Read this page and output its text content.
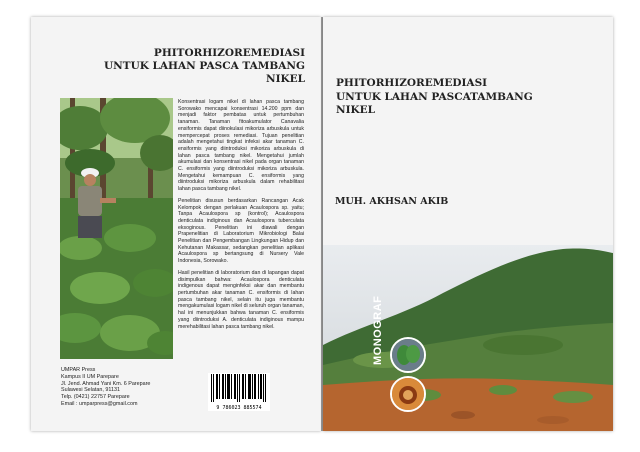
PHITORHIZOREMEDIASI
UNTUK LAHAN PASCA TAMBANG
NIKEL

Konsentrasi logam nikel di lahan pasca tambang Sorowako mencapai konsentrasi 14.200 ppm dan menjadi faktor pembatas untuk pertumbuhan tanaman. Tanaman fitoakumulator Canavalia ensiformis dapat diinokulasi mikoriza arbuskula untuk mempercepat proses remediasi. Tujuan penelitian adalah mengetahui tingkat infeksi akar tanaman C. ensiformis yang diintroduksi mikoriza arbuskula di lahan pasca tambang nikel. Mengetahui jumlah akumulasi dan konsentrasi nikel pada organ tanaman C. ensiformis yang diintroduksi mikoriza arbuskula. Mengetahui kemampuan C. ensiformis yang diintroduksi mikoriza arbuskula dalam rehabilitasi lahan pasca tambang nikel.

Penelitian disusun berdasarkan Rancangan Acak Kelompok dengan perlakuan Acaulospora sp. yaitu; Tanpa Acaulospora sp (kontrol); Acaulospora denticulata indiginous dan Acaulospora tuberculata eksoginous. Penelitian ini diawali dengan Prapenelitian di Laboratorium Mikrobiologi Balai Penelitian dan Pengembangan Lingkungan Hidup dan Kehutanan Makassar, sedangkan penelitian aplikasi Acaulospora sp bertangsung di Nursery Vale Indonesia, Sorowako.

Hasil penelitian di laboratorium dan di lapangan dapat disimpulkan bahwa: Acaulospora denticulata indigenous dapat menginfeksi akar dan membantu pertumbuhan akar tanaman C. ensiformis di lahan pasca tambang nikel, selain itu juga membantu mengakumulasi logam nikel di seluruh organ tanaman, hal ini menunjukkan bahwa tanaman C. ensiformis yang diintroduksi A. denticulata indiginous mampu merehabilitasi lahan pasca tambang nikel.

UMPAR Press
Kampus II UM Parepare
Jl. Jend. Ahmad Yani Km. 6 Parepare
Sulawesi Selatan, 91131
Telp. (0421) 22757 Parepare
Email : umparpress@gmail.com
9 786023 885574
PHITORHIZOREMEDIASI
UNTUK LAHAN PASCATAMBANG
NIKEL
MUH. AKHSAN AKIB
MONOGRAF
